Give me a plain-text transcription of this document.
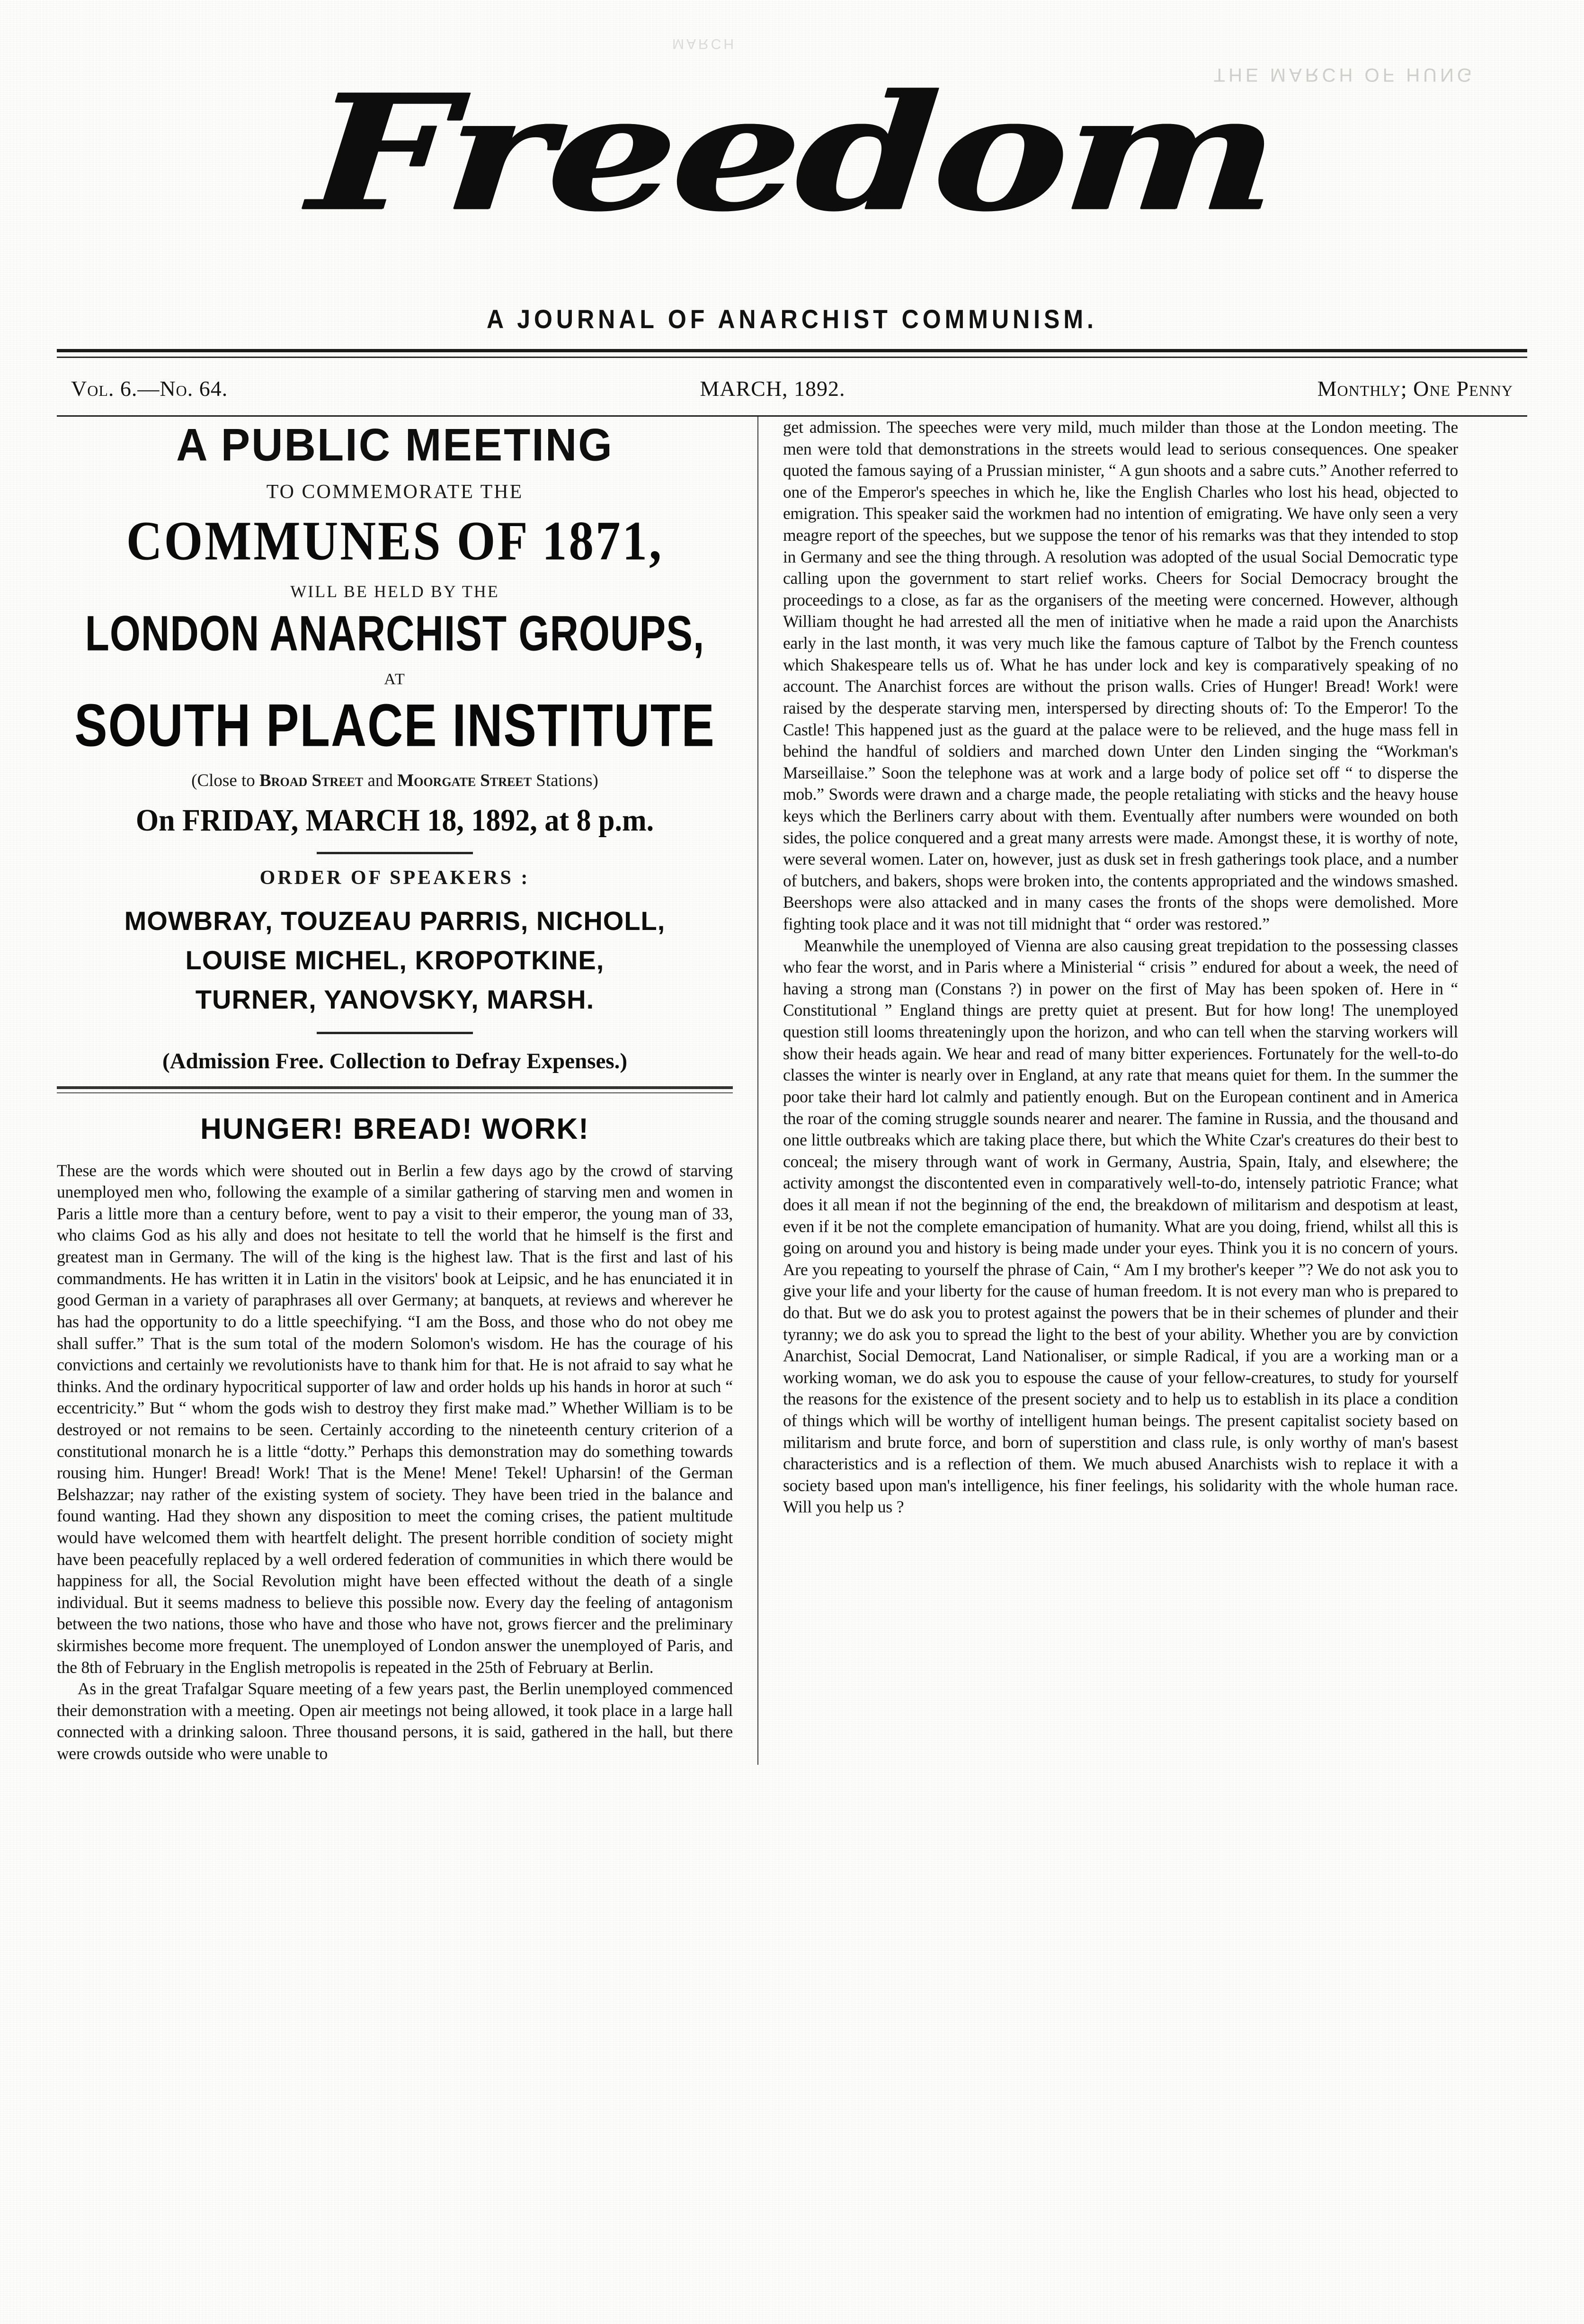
MARCH
THE MARCH OF HUNG
Freedom
A JOURNAL OF ANARCHIST COMMUNISM.
Vol. 6.—No. 64.	MARCH, 1892.	Monthly; One Penny
A PUBLIC MEETING
TO COMMEMORATE THE
COMMUNES OF 1871,
WILL BE HELD BY THE
LONDON ANARCHIST GROUPS,
AT
SOUTH PLACE INSTITUTE
(Close to Broad Street and Moorgate Street Stations)
On FRIDAY, MARCH 18, 1892, at 8 p.m.
ORDER OF SPEAKERS :
MOWBRAY, TOUZEAU PARRIS, NICHOLL,
LOUISE MICHEL, KROPOTKINE,
TURNER, YANOVSKY, MARSH.
(Admission Free. Collection to Defray Expenses.)
HUNGER! BREAD! WORK!

These are the words which were shouted out in Berlin a few days ago by the crowd of starving unemployed men who, following the example of a similar gathering of starving men and women in Paris a little more than a century before, went to pay a visit to their emperor, the young man of 33, who claims God as his ally and does not hesitate to tell the world that he himself is the first and greatest man in Germany. The will of the king is the highest law. That is the first and last of his commandments. He has written it in Latin in the visitors' book at Leipsic, and he has enunciated it in good German in a variety of paraphrases all over Germany; at banquets, at reviews and wherever he has had the opportunity to do a little speechifying. “I am the Boss, and those who do not obey me shall suffer.” That is the sum total of the modern Solomon's wisdom. He has the courage of his convictions and certainly we revolutionists have to thank him for that. He is not afraid to say what he thinks. And the ordinary hypocritical supporter of law and order holds up his hands in horor at such “ eccentricity.” But “ whom the gods wish to destroy they first make mad.” Whether William is to be destroyed or not remains to be seen. Certainly according to the nineteenth century criterion of a constitutional monarch he is a little “dotty.” Perhaps this demonstration may do something towards rousing him. Hunger! Bread! Work! That is the Mene! Mene! Tekel! Upharsin! of the German Belshazzar; nay rather of the existing system of society. They have been tried in the balance and found wanting. Had they shown any disposition to meet the coming crises, the patient multitude would have welcomed them with heartfelt delight. The present horrible condition of society might have been peacefully replaced by a well ordered federation of communities in which there would be happiness for all, the Social Revolution might have been effected without the death of a single individual. But it seems madness to believe this possible now. Every day the feeling of antagonism between the two nations, those who have and those who have not, grows fiercer and the preliminary skirmishes become more frequent. The unemployed of London answer the unemployed of Paris, and the 8th of February in the English metropolis is repeated in the 25th of February at Berlin.

As in the great Trafalgar Square meeting of a few years past, the Berlin unemployed commenced their demonstration with a meeting. Open air meetings not being allowed, it took place in a large hall connected with a drinking saloon. Three thousand persons, it is said, gathered in the hall, but there were crowds outside who were unable to

get admission. The speeches were very mild, much milder than those at the London meeting. The men were told that demonstrations in the streets would lead to serious consequences. One speaker quoted the famous saying of a Prussian minister, “ A gun shoots and a sabre cuts.” Another referred to one of the Emperor's speeches in which he, like the English Charles who lost his head, objected to emigration. This speaker said the workmen had no intention of emigrating. We have only seen a very meagre report of the speeches, but we suppose the tenor of his remarks was that they intended to stop in Germany and see the thing through. A resolution was adopted of the usual Social Democratic type calling upon the government to start relief works. Cheers for Social Democracy brought the proceedings to a close, as far as the organisers of the meeting were concerned. However, although William thought he had arrested all the men of initiative when he made a raid upon the Anarchists early in the last month, it was very much like the famous capture of Talbot by the French countess which Shakespeare tells us of. What he has under lock and key is comparatively speaking of no account. The Anarchist forces are without the prison walls. Cries of Hunger! Bread! Work! were raised by the desperate starving men, interspersed by directing shouts of: To the Emperor! To the Castle! This happened just as the guard at the palace were to be relieved, and the huge mass fell in behind the handful of soldiers and marched down Unter den Linden singing the “Workman's Marseillaise.” Soon the telephone was at work and a large body of police set off “ to disperse the mob.” Swords were drawn and a charge made, the people retaliating with sticks and the heavy house keys which the Berliners carry about with them. Eventually after numbers were wounded on both sides, the police conquered and a great many arrests were made. Amongst these, it is worthy of note, were several women. Later on, however, just as dusk set in fresh gatherings took place, and a number of butchers, and bakers, shops were broken into, the contents appropriated and the windows smashed. Beershops were also attacked and in many cases the fronts of the shops were demolished. More fighting took place and it was not till midnight that “ order was restored.”

Meanwhile the unemployed of Vienna are also causing great trepidation to the possessing classes who fear the worst, and in Paris where a Ministerial “ crisis ” endured for about a week, the need of having a strong man (Constans ?) in power on the first of May has been spoken of. Here in “ Constitutional ” England things are pretty quiet at present. But for how long! The unemployed question still looms threateningly upon the horizon, and who can tell when the starving workers will show their heads again. We hear and read of many bitter experiences. Fortunately for the well-to-do classes the winter is nearly over in England, at any rate that means quiet for them. In the summer the poor take their hard lot calmly and patiently enough. But on the European continent and in America the roar of the coming struggle sounds nearer and nearer. The famine in Russia, and the thousand and one little outbreaks which are taking place there, but which the White Czar's creatures do their best to conceal; the misery through want of work in Germany, Austria, Spain, Italy, and elsewhere; the activity amongst the discontented even in comparatively well-to-do, intensely patriotic France; what does it all mean if not the beginning of the end, the breakdown of militarism and despotism at least, even if it be not the complete emancipation of humanity. What are you doing, friend, whilst all this is going on around you and history is being made under your eyes. Think you it is no concern of yours. Are you repeating to yourself the phrase of Cain, “ Am I my brother's keeper ”? We do not ask you to give your life and your liberty for the cause of human freedom. It is not every man who is prepared to do that. But we do ask you to protest against the powers that be in their schemes of plunder and their tyranny; we do ask you to spread the light to the best of your ability. Whether you are by conviction Anarchist, Social Democrat, Land Nationaliser, or simple Radical, if you are a working man or a working woman, we do ask you to espouse the cause of your fellow-creatures, to study for yourself the reasons for the existence of the present society and to help us to establish in its place a condition of things which will be worthy of intelligent human beings. The present capitalist society based on militarism and brute force, and born of superstition and class rule, is only worthy of man's basest characteristics and is a reflection of them. We much abused Anarchists wish to replace it with a society based upon man's intelligence, his finer feelings, his solidarity with the whole human race. Will you help us ?
